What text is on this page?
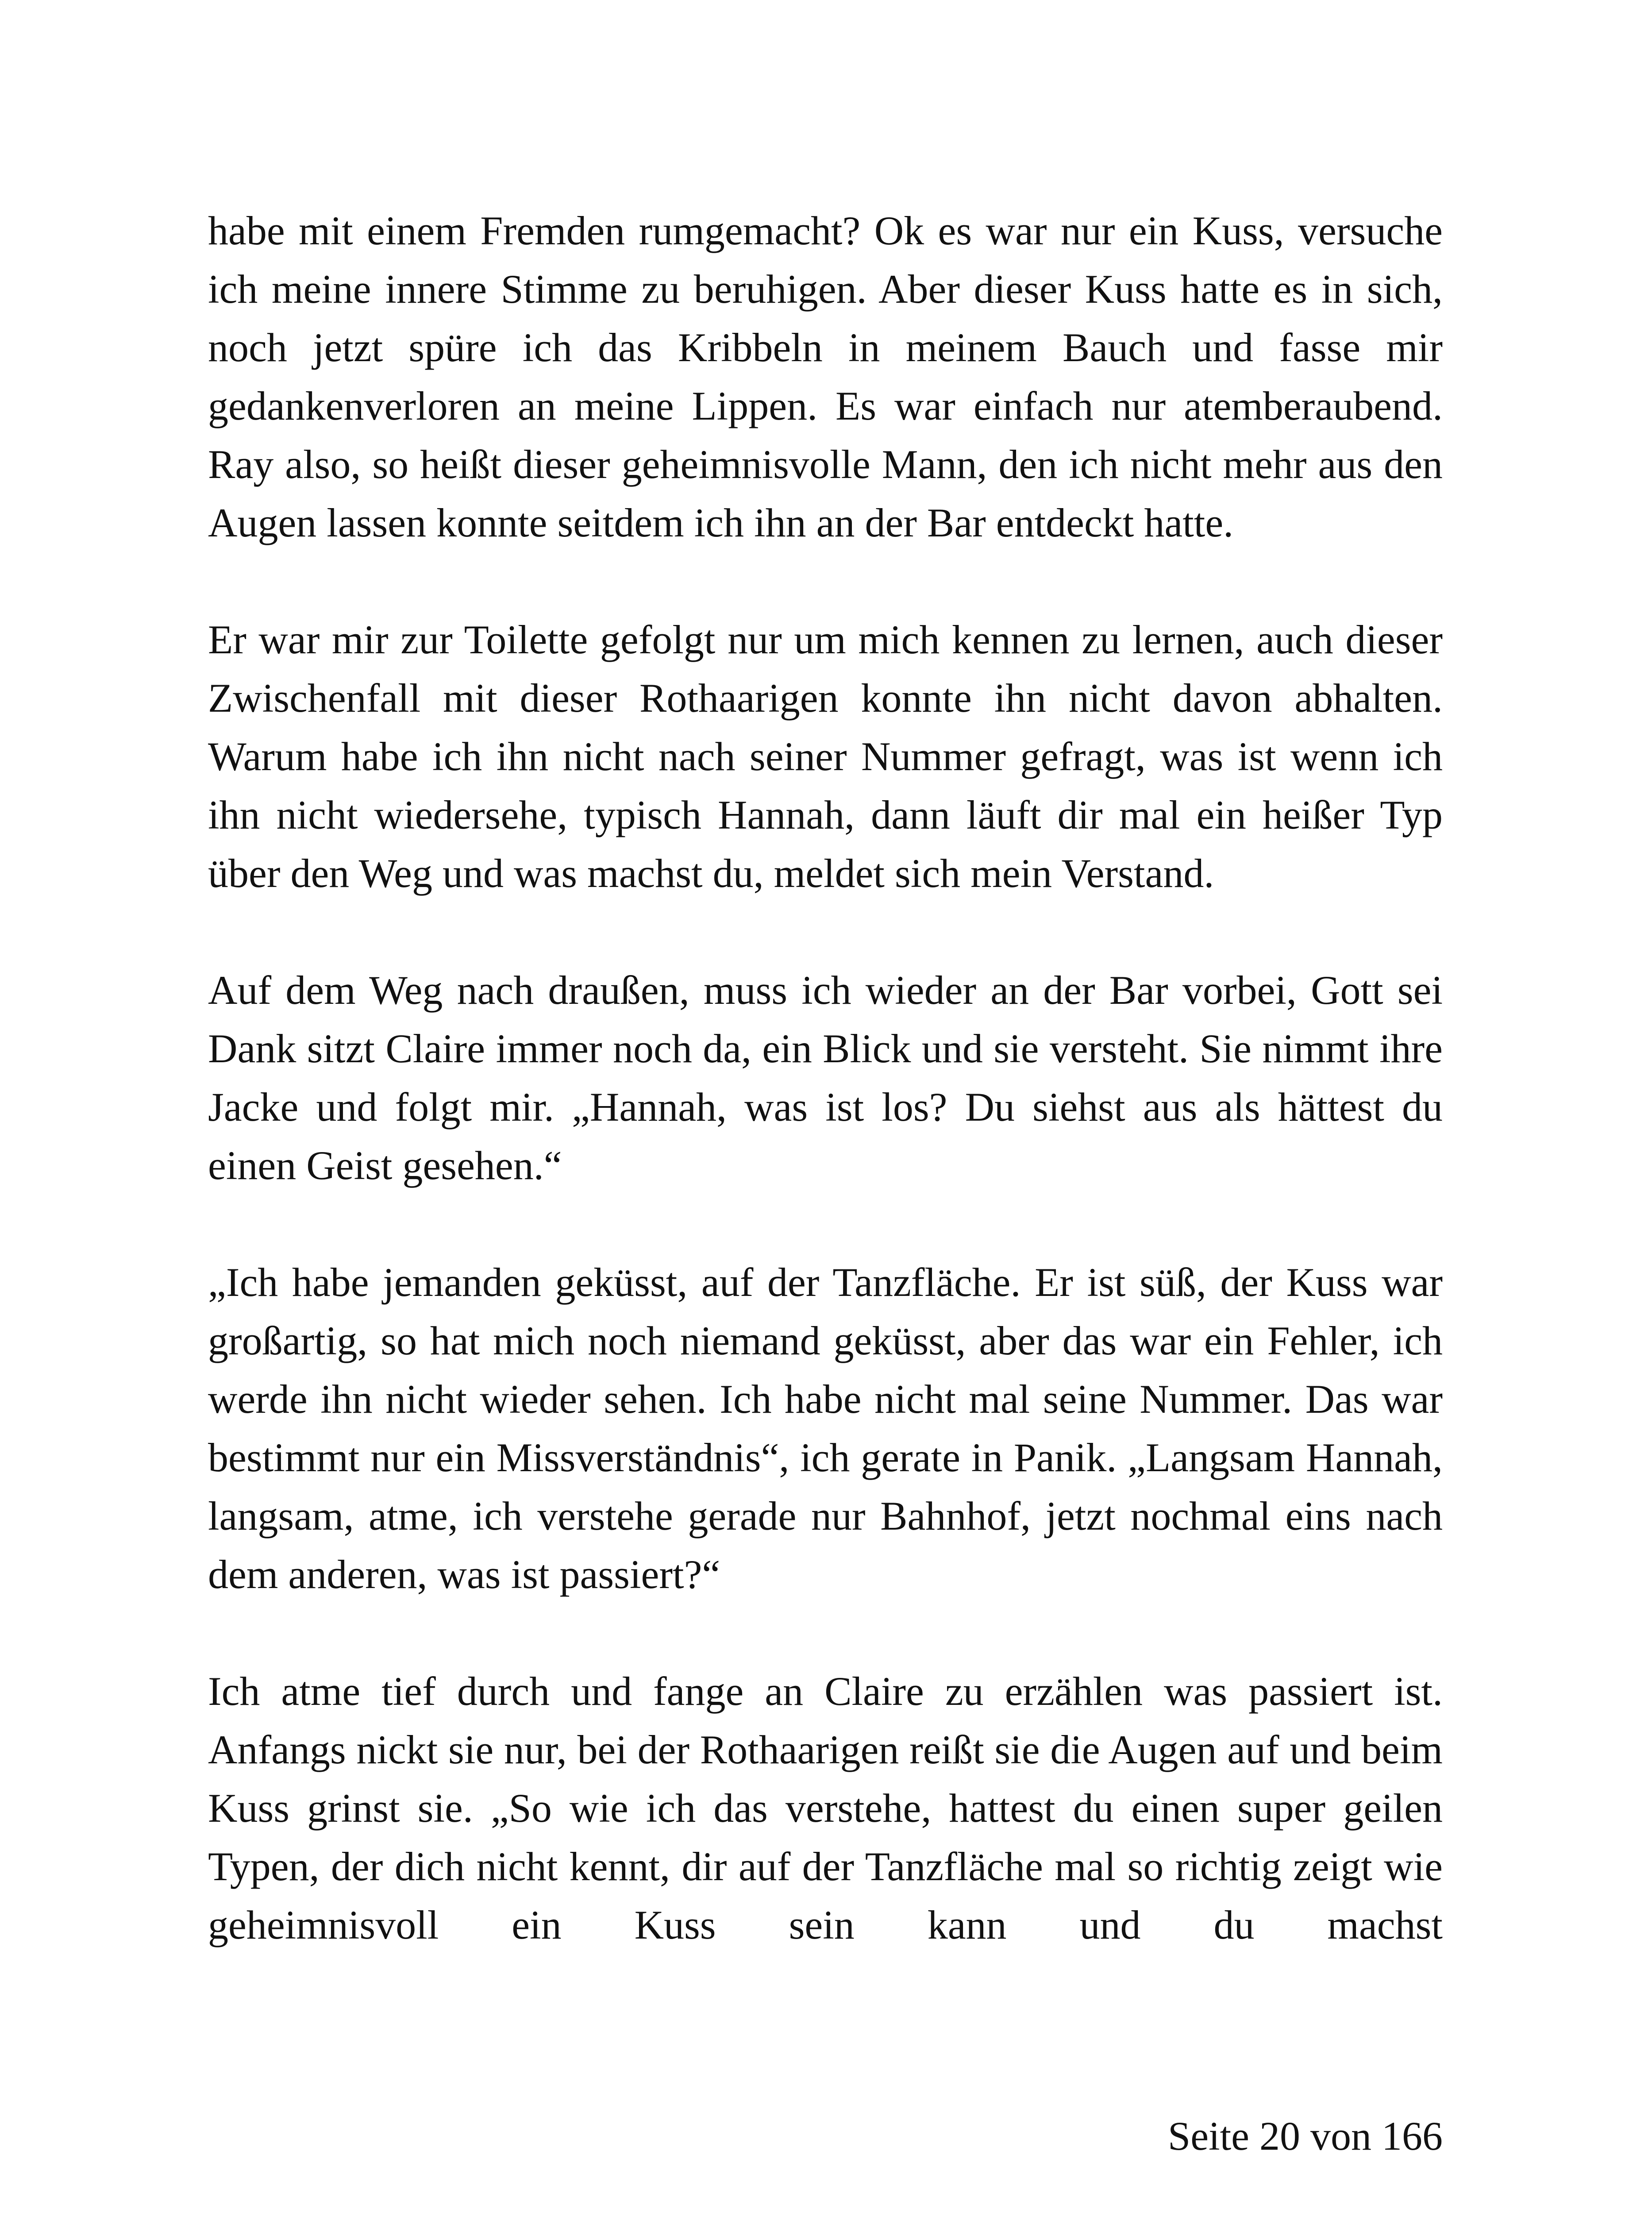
habe mit einem Fremden rumgemacht? Ok es war nur ein Kuss, versuche ich meine innere Stimme zu beruhigen. Aber dieser Kuss hatte es in sich, noch jetzt spüre ich das Kribbeln in meinem Bauch und fasse mir gedankenverloren an meine Lippen. Es war einfach nur atemberaubend. Ray also, so heißt dieser geheimnisvolle Mann, den ich nicht mehr aus den Augen lassen konnte seitdem ich ihn an der Bar entdeckt hatte.

Er war mir zur Toilette gefolgt nur um mich kennen zu lernen, auch dieser Zwischenfall mit dieser Rothaarigen konnte ihn nicht davon abhalten. Warum habe ich ihn nicht nach seiner Nummer gefragt, was ist wenn ich ihn nicht wiedersehe, typisch Hannah, dann läuft dir mal ein heißer Typ über den Weg und was machst du, meldet sich mein Verstand.

Auf dem Weg nach draußen, muss ich wieder an der Bar vorbei, Gott sei Dank sitzt Claire immer noch da, ein Blick und sie versteht. Sie nimmt ihre Jacke und folgt mir. „Hannah, was ist los? Du siehst aus als hättest du einen Geist gesehen.“

„Ich habe jemanden geküsst, auf der Tanzfläche. Er ist süß, der Kuss war großartig, so hat mich noch niemand geküsst, aber das war ein Fehler, ich werde ihn nicht wieder sehen. Ich habe nicht mal seine Nummer. Das war bestimmt nur ein Missverständnis“, ich gerate in Panik. „Langsam Hannah, langsam, atme, ich verstehe gerade nur Bahnhof, jetzt nochmal eins nach dem anderen, was ist passiert?“

Ich atme tief durch und fange an Claire zu erzählen was passiert ist. Anfangs nickt sie nur, bei der Rothaarigen reißt sie die Augen auf und beim Kuss grinst sie. „So wie ich das verstehe, hattest du einen super geilen Typen, der dich nicht kennt, dir auf der Tanzfläche mal so richtig zeigt wie geheimnisvoll ein Kuss sein kann und du machst

Seite 20 von 166
